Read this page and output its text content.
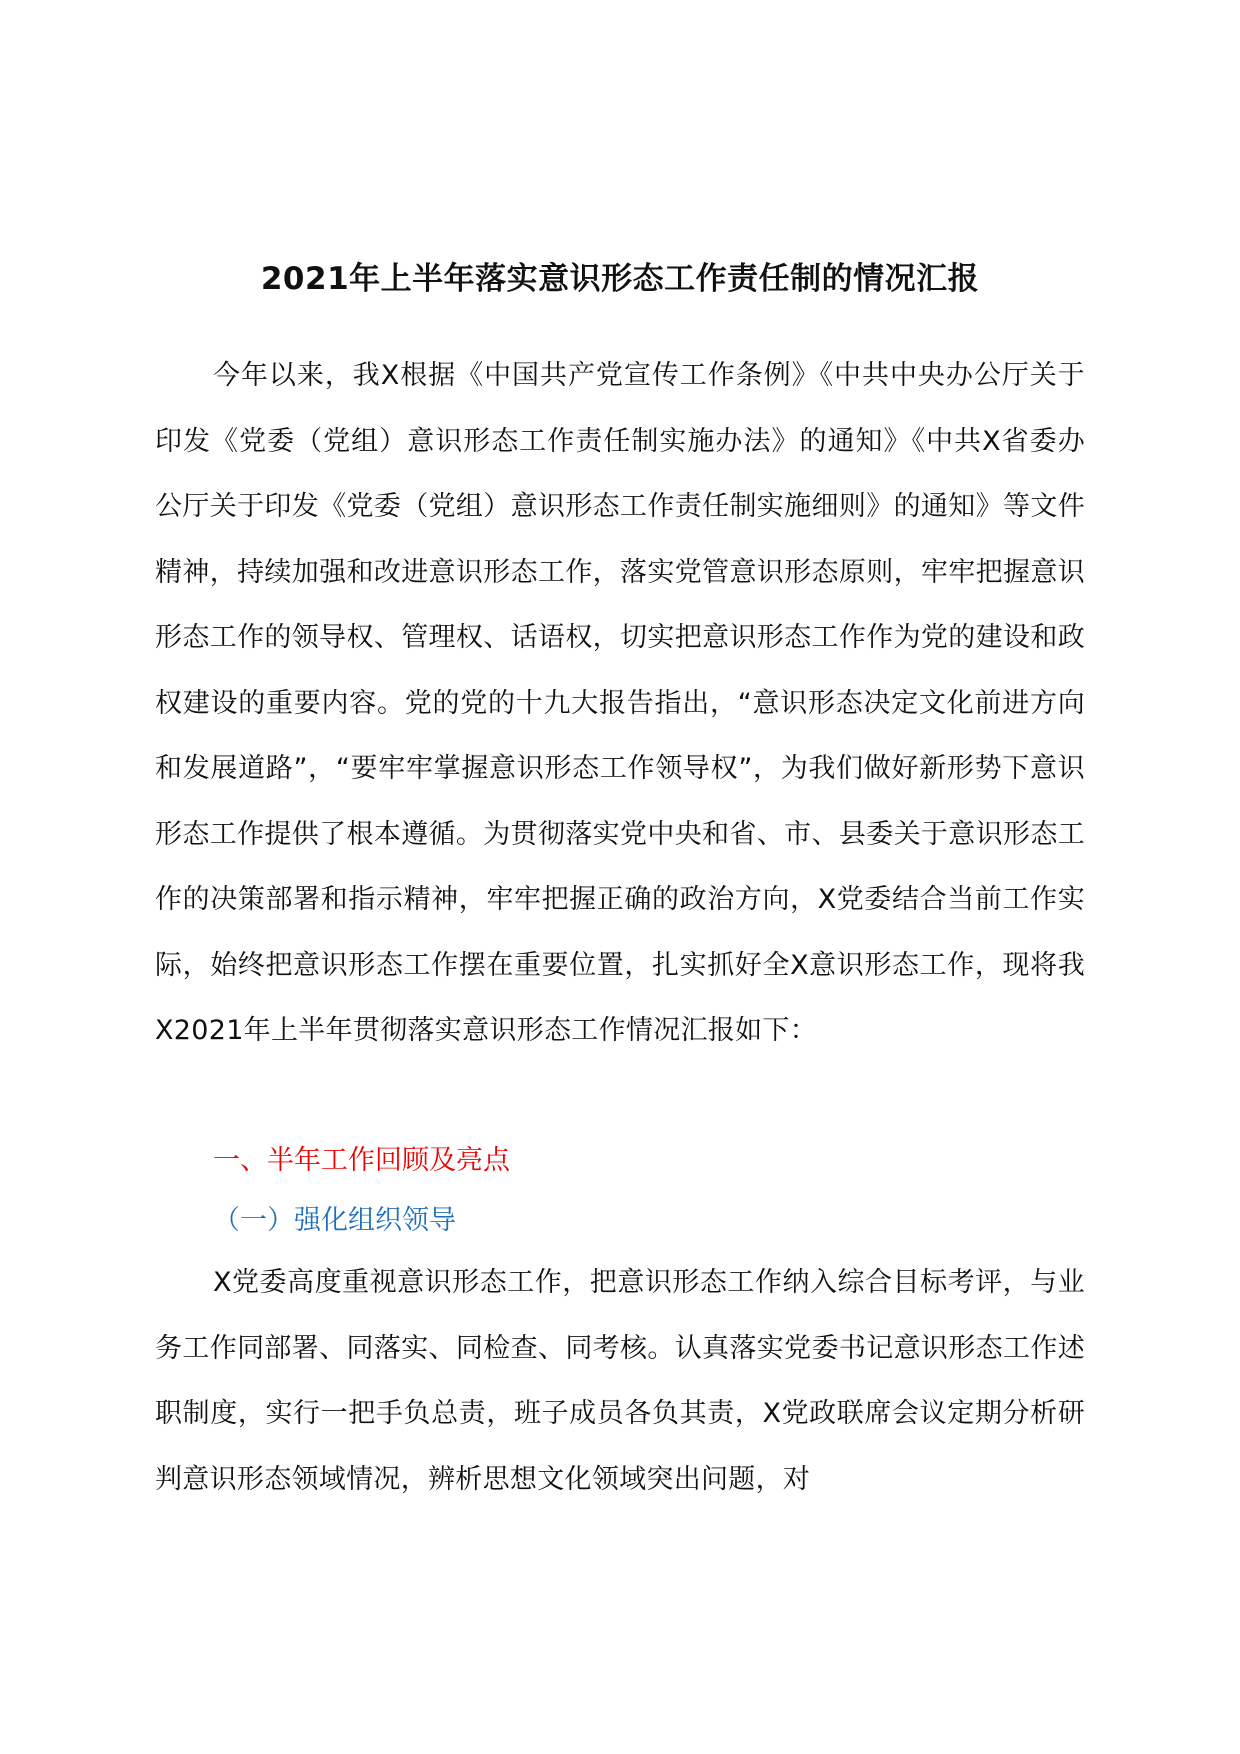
2021年上半年落实意识形态工作责任制的情况汇报

今年以来，我X根据《中国共产党宣传工作条例》《中共中央办公厅关于印发《党委（党组）意识形态工作责任制实施办法》的通知》《中共X省委办公厅关于印发《党委（党组）意识形态工作责任制实施细则》的通知》等文件精神，持续加强和改进意识形态工作，落实党管意识形态原则，牢牢把握意识形态工作的领导权、管理权、话语权，切实把意识形态工作作为党的建设和政权建设的重要内容。党的党的十九大报告指出，“意识形态决定文化前进方向和发展道路”，“要牢牢掌握意识形态工作领导权”，为我们做好新形势下意识形态工作提供了根本遵循。为贯彻落实党中央和省、市、县委关于意识形态工作的决策部署和指示精神，牢牢把握正确的政治方向，X党委结合当前工作实际，始终把意识形态工作摆在重要位置，扎实抓好全X意识形态工作，现将我X2021年上半年贯彻落实意识形态工作情况汇报如下：

一、半年工作回顾及亮点

（一）强化组织领导

X党委高度重视意识形态工作，把意识形态工作纳入综合目标考评，与业务工作同部署、同落实、同检查、同考核。认真落实党委书记意识形态工作述职制度，实行一把手负总责，班子成员各负其责，X党政联席会议定期分析研判意识形态领域情况，辨析思想文化领域突出问题，对
